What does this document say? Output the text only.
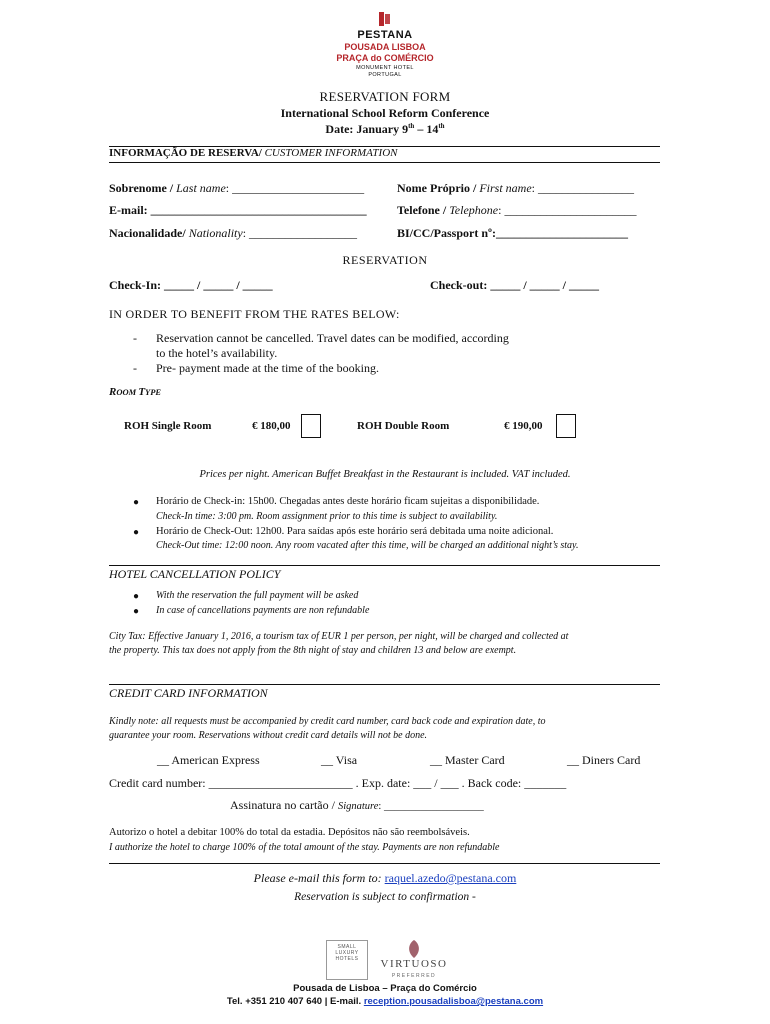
PESTANA
POUSADA LISBOA
PRAÇA do COMÉRCIO
MONUMENT HOTEL
PORTUGAL
RESERVATION FORM
International School Reform Conference
Date: January 9th – 14th
INFORMAÇÃO DE RESERVA/ CUSTOMER INFORMATION
Sobrenome / Last name: ______________________	Nome Próprio / First name: ________________
E-mail: ____________________________________	Telefone / Telephone: ______________________
Nacionalidade/ Nationality: __________________	BI/CC/Passport nº:______________________
RESERVATION
Check-In: _____ / _____ / _____	Check-out: _____ / _____ / _____
IN ORDER TO BENEFIT FROM THE RATES BELOW:
- Reservation cannot be cancelled. Travel dates can be modified, according
to the hotel’s availability.
- Pre- payment made at the time of the booking.
ROOM TYPE
ROH Single Room	€ 180,00	ROH Double Room	€ 190,00
Prices per night. American Buffet Breakfast in the Restaurant is included. VAT included.
● Horário de Check-in: 15h00. Chegadas antes deste horário ficam sujeitas a disponibilidade.
Check-In time: 3:00 pm. Room assignment prior to this time is subject to availability.
● Horário de Check-Out: 12h00. Para saídas após este horário será debitada uma noite adicional.
Check-Out time: 12:00 noon. Any room vacated after this time, will be charged an additional night’s stay.
HOTEL CANCELLATION POLICY
● With the reservation the full payment will be asked
● In case of cancellations payments are non refundable
City Tax: Effective January 1, 2016, a tourism tax of EUR 1 per person, per night, will be charged and collected at
the property. This tax does not apply from the 8th night of stay and children 13 and below are exempt.
CREDIT CARD INFORMATION
Kindly note: all requests must be accompanied by credit card number, card back code and expiration date, to
guarantee your room. Reservations without credit card details will not be done.
__ American Express	__ Visa	__ Master Card	__ Diners Card
Credit card number: ________________________ . Exp. date: ___ / ___ . Back code: _______
Assinatura no cartão / Signature: ___________________
Autorizo o hotel a debitar 100% do total da estadia. Depósitos não são reembolsáveis.
I authorize the hotel to charge 100% of the total amount of the stay. Payments are non refundable
Please e-mail this form to: raquel.azedo@pestana.com
Reservation is subject to confirmation -
SMALL
LUXURY
HOTELS	VIRTUOSO
PREFERRED
Pousada de Lisboa – Praça do Comércio
Tel. +351 210 407 640 | E-mail. reception.pousadalisboa@pestana.com
